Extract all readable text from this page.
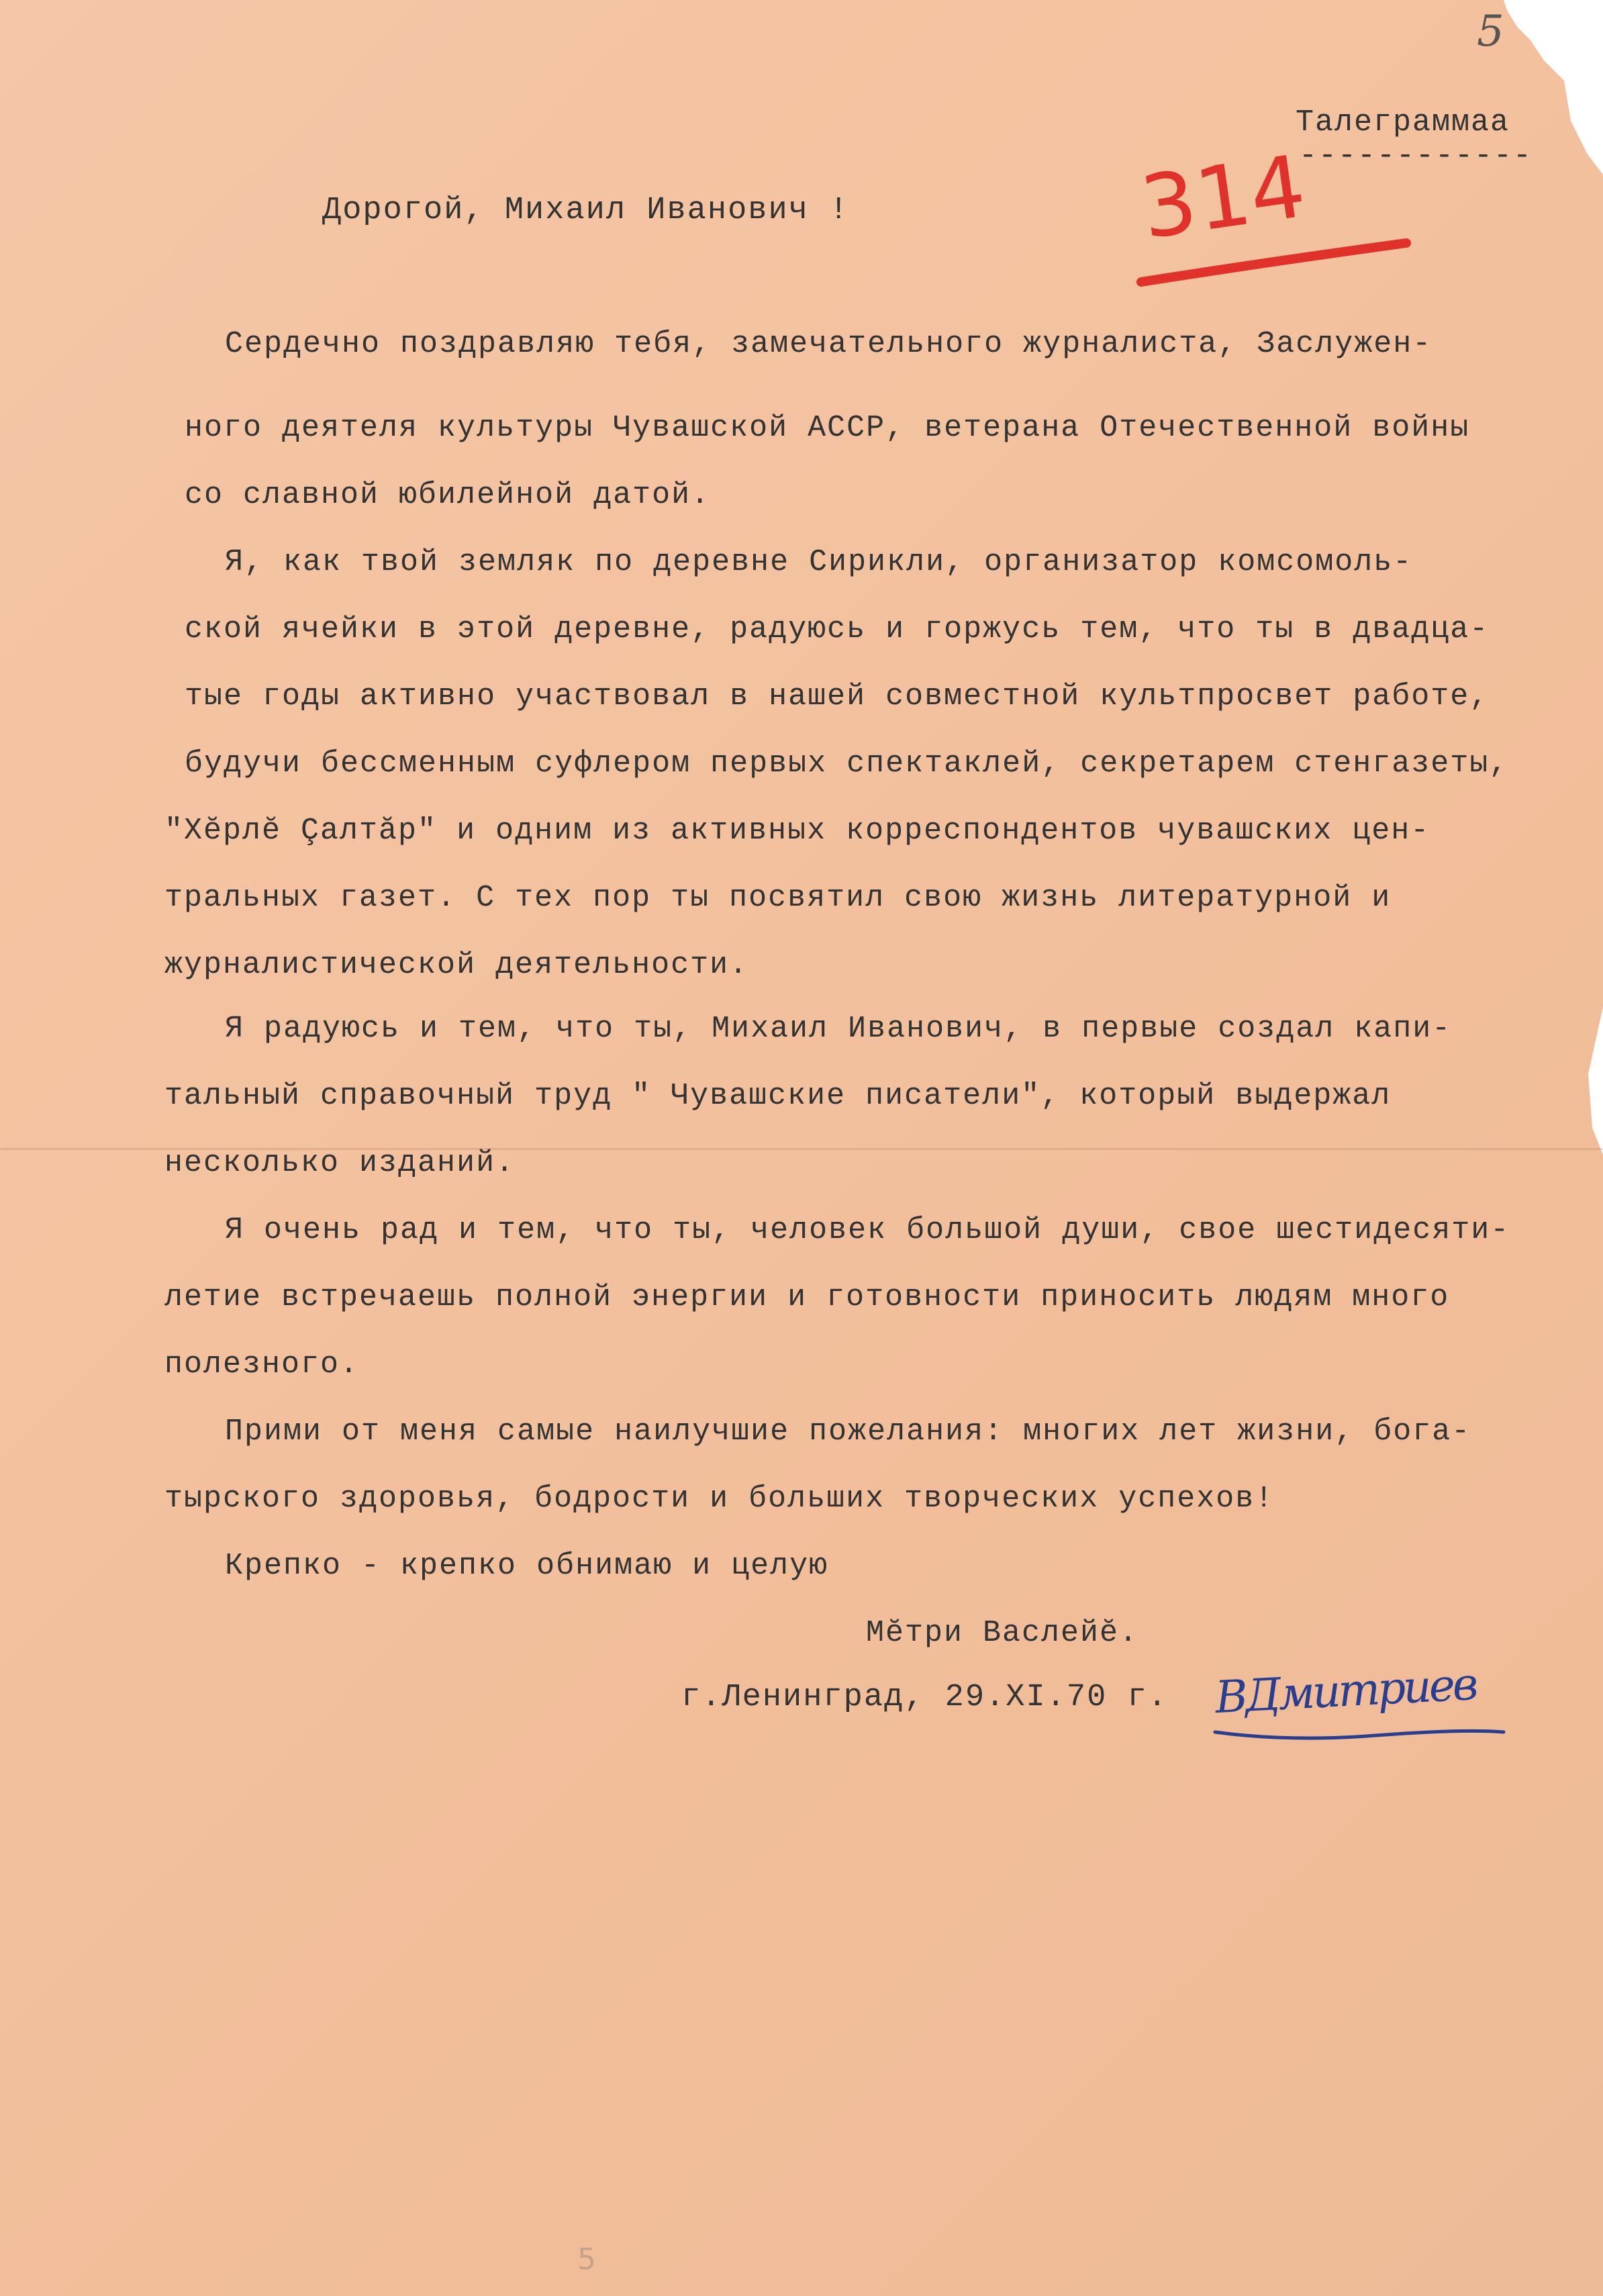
5
Талеграммаа
------------
314
Дорогой, Михаил Иванович !
Сердечно поздравляю тебя, замечательного журналиста, Заслужен-
ного деятеля культуры Чувашской АССР, ветерана Отечественной войны
со славной юбилейной датой.
Я, как твой земляк по деревне Сирикли, организатор комсомоль-
ской ячейки в этой деревне, радуюсь и горжусь тем, что ты в двадца-
тые годы активно участвовал в нашей совместной культпросвет работе,
будучи бессменным суфлером первых спектаклей, секретарем стенгазеты,
"Хĕрлĕ Çалтăр" и одним из активных корреспондентов чувашских цен-
тральных газет. С тех пор ты посвятил свою жизнь литературной и
журналистической деятельности.
Я радуюсь и тем, что ты, Михаил Иванович, в первые создал капи-
тальный справочный труд " Чувашские писатели", который выдержал
несколько изданий.
Я очень рад и тем, что ты, человек большой души, свое шестидесяти-
летие встречаешь полной энергии и готовности приносить людям много
полезного.
Прими от меня самые наилучшие пожелания: многих лет жизни, бога-
тырского здоровья, бодрости и больших творческих успехов!
Крепко - крепко обнимаю и целую
Мĕтри Васлейĕ.
г.Ленинград, 29.XI.70 г. ВДмитриев
5
